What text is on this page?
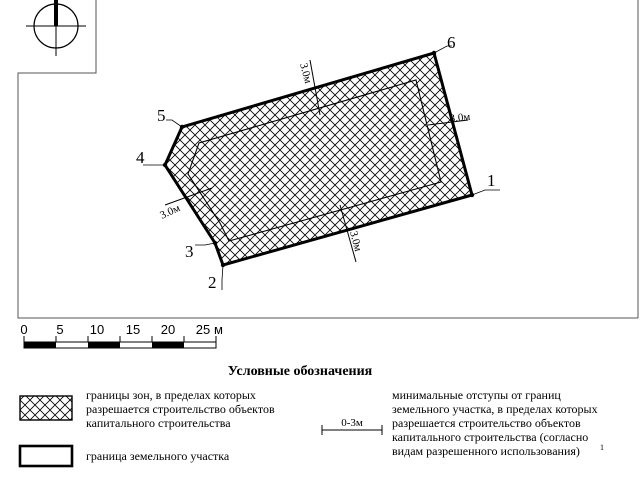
1
2
3
4
5
6
3.0м
3.0м
3.0м
3.0м
0 5 10 15 20 25 м
Условные обозначения
границы зон, в пределах которых разрешается строительство объектов капитального строительства
граница земельного участка
0-3м
минимальные отступы от границ земельного участка, в пределах которых разрешается строительство объектов капитального строительства (согласно видам разрешенного использования)	1
